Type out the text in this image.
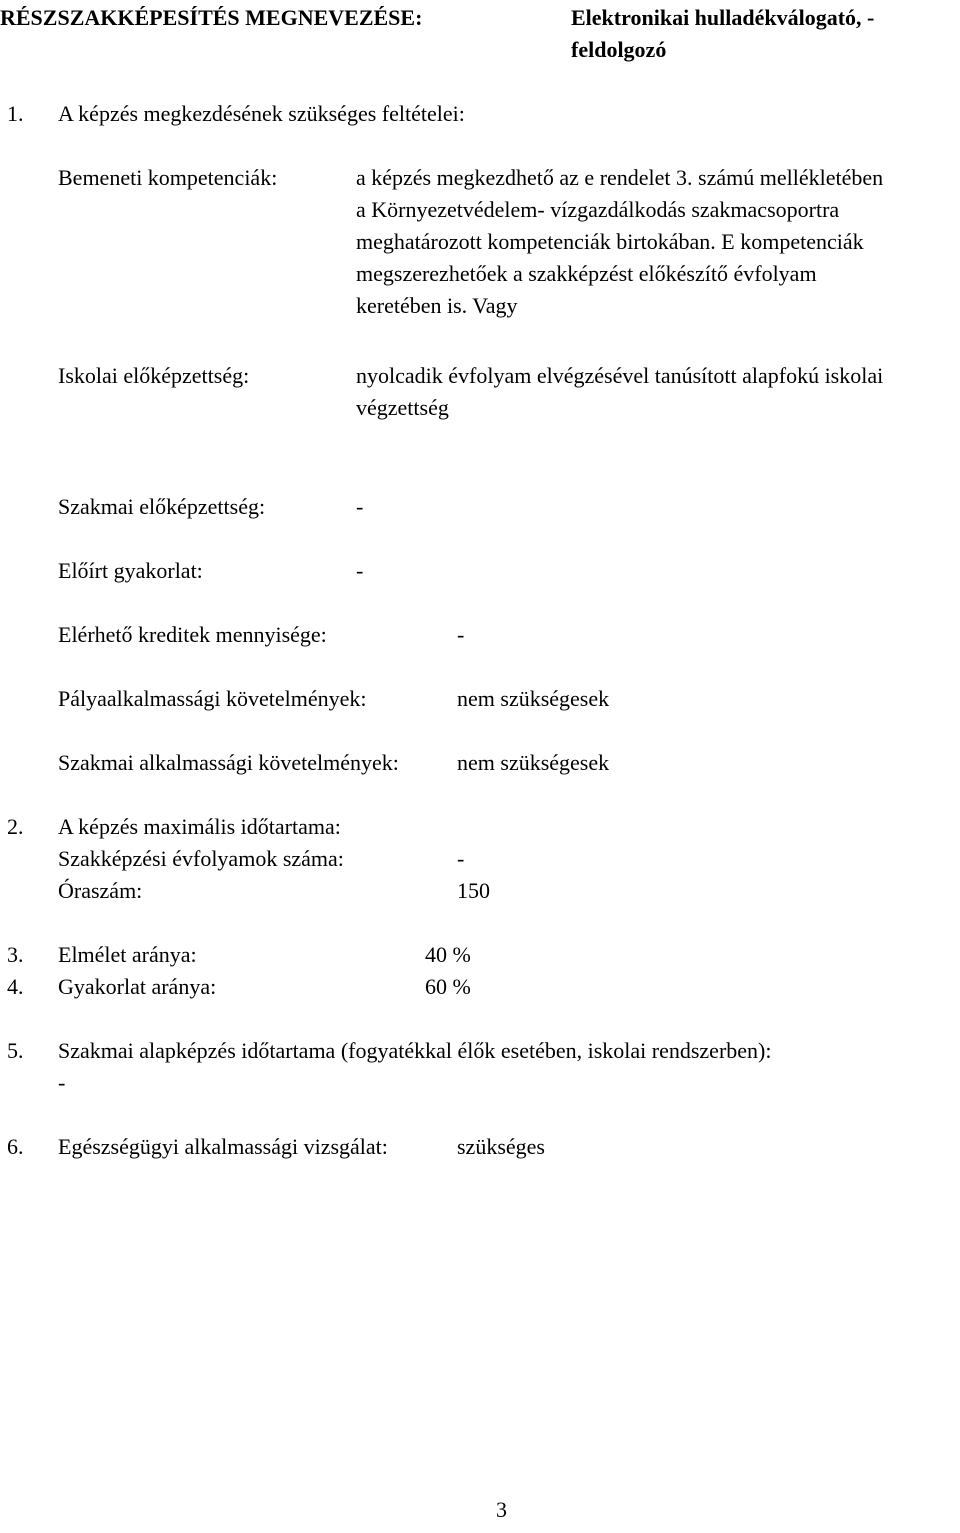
RÉSZSZAKKÉPESÍTÉS MEGNEVEZÉSE:	Elektronikai hulladékválogató, -
feldolgozó
1. A képzés megkezdésének szükséges feltételei:
Bemeneti kompetenciák:	a képzés megkezdhető az e rendelet 3. számú mellékletében
a Környezetvédelem- vízgazdálkodás szakmacsoportra
meghatározott kompetenciák birtokában. E kompetenciák
megszerezhetőek a szakképzést előkészítő évfolyam
keretében is. Vagy
Iskolai előképzettség:	nyolcadik évfolyam elvégzésével tanúsított alapfokú iskolai
végzettség
Szakmai előképzettség:	-
Előírt gyakorlat:	-
Elérhető kreditek mennyisége:	-
Pályaalkalmassági követelmények:	nem szükségesek
Szakmai alkalmassági követelmények:	nem szükségesek
2. A képzés maximális időtartama:
Szakképzési évfolyamok száma:	-
Óraszám:	150
3. Elmélet aránya:	40 %
4. Gyakorlat aránya:	60 %
5. Szakmai alapképzés időtartama (fogyatékkal élők esetében, iskolai rendszerben):
-
6. Egészségügyi alkalmassági vizsgálat:	szükséges
3
